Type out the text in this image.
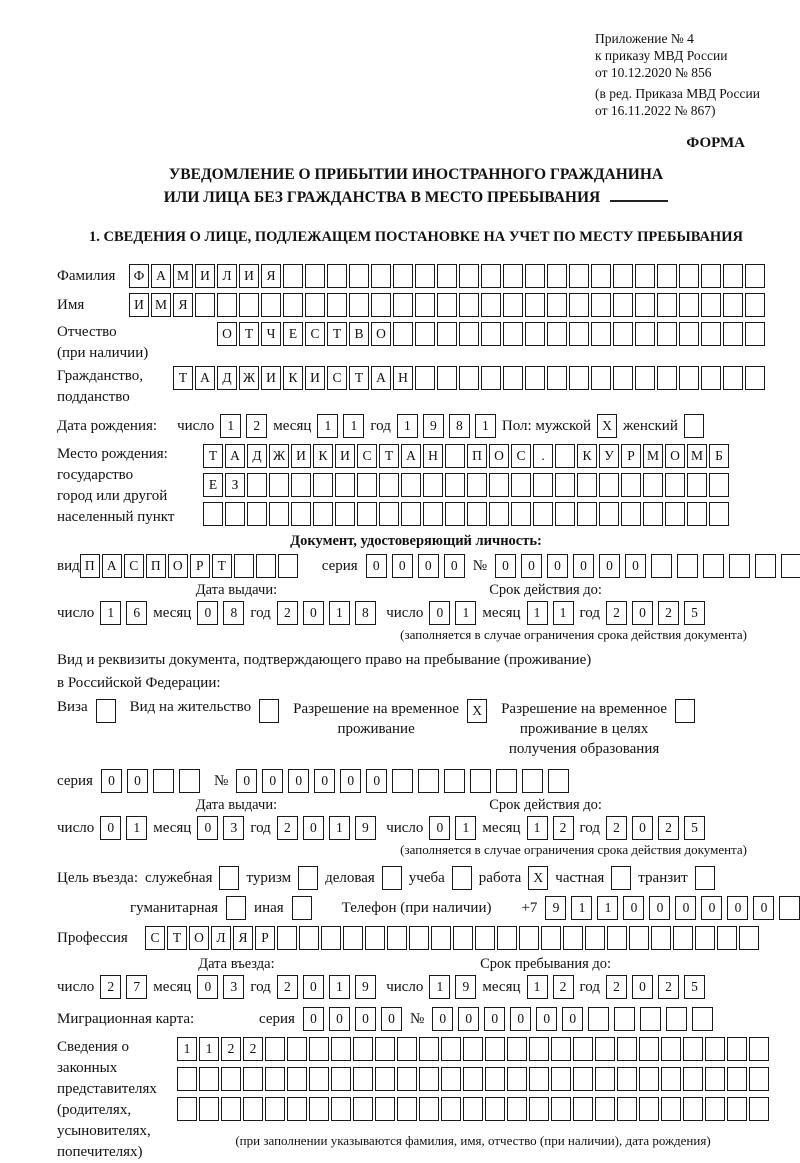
Приложение № 4
к приказу МВД России
от 10.12.2020 № 856
(в ред. Приказа МВД России
от 16.11.2022 № 867)
ФОРМА
УВЕДОМЛЕНИЕ О ПРИБЫТИИ ИНОСТРАННОГО ГРАЖДАНИНА
ИЛИ ЛИЦА БЕЗ ГРАЖДАНСТВА В МЕСТО ПРЕБЫВАНИЯ
1. СВЕДЕНИЯ О ЛИЦЕ, ПОДЛЕЖАЩЕМ ПОСТАНОВКЕ НА УЧЕТ ПО МЕСТУ ПРЕБЫВАНИЯ
Фамилия	Ф А М И Л И Я
Имя	И М Я
Отчество
(при наличии)
О Т Ч Е С Т В О
Гражданство,
подданство
Т А Д Ж И К И С Т А Н
Дата рождения: число 1	2 месяц 1	1 год 1	9	8	1 Пол: мужской X женский
Место рождения:
государство
город или другой
населенный пункт
Т А Д Ж И К И С Т А Н	П О С	.	К У Р М О М Б
Е	З
Документ, удостоверяющий личность:
вид П А С П О Р	Т	серия	0	0	0	0	№	0	0	0	0	0	0
Дата выдачи:
число 1	6 месяц 0	8 год 2	0	1	8
Срок действия до:
число 0	1 месяц 1	1 год 2	0	2	5
(заполняется в случае ограничения срока действия документа)
Вид и реквизиты документа, подтверждающего право на пребывание (проживание)
в Российской Федерации:
Виза	Вид на жительство	Разрешение на временное
проживание
X	Разрешение на временное
проживание в целях
получения образования
серия	0	0	№	0	0	0	0	0	0
Дата выдачи:
число 0	1 месяц 0	3 год 2	0	1	9
Срок действия до:
число 0	1 месяц 1	2 год 2	0	2	5
(заполняется в случае ограничения срока действия документа)
Цель въезда: служебная туризм деловая учеба работа X частная транзит
гуманитарная иная	Телефон (при наличии) +7	9	1	1	0	0	0	0	0	0
Профессия	С Т О Л Я	Р
Дата въезда:
число 2	7 месяц 0	3 год 2	0	1	9
Срок пребывания до:
число 1	9 месяц 1	2 год 2	0	2	5
Миграционная карта:	серия	0	0	0	0	№	0	0	0	0	0	0
Сведения о
законных
представителях
(родителях,
усыновителях,
попечителях)
1	1	2	2
(при заполнении указываются фамилия, имя, отчество (при наличии), дата рождения)
